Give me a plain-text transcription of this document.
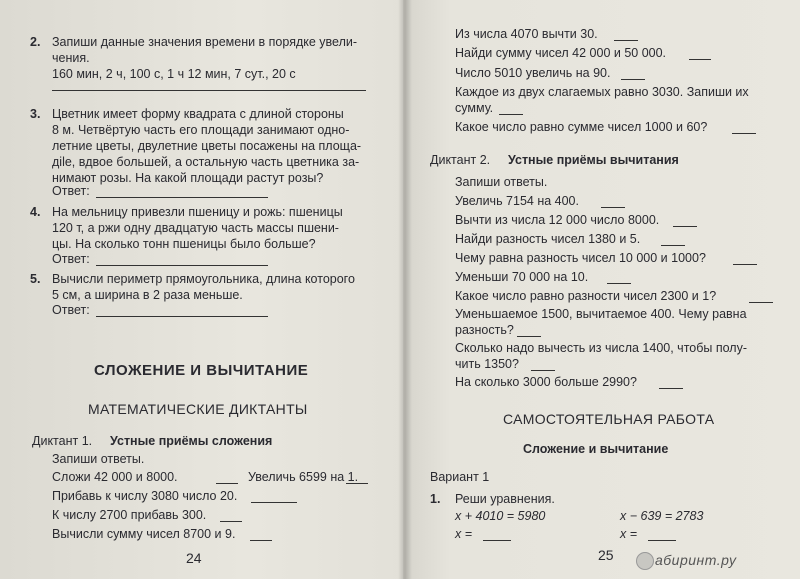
2. Запиши данные значения времени в порядке увели-
чения.
160 мин, 2 ч, 100 с, 1 ч 12 мин, 7 сут., 20 с
3. Цветник имеет форму квадрата с длиной стороны
8 м. Четвёртую часть его площади занимают одно-
летние цветы, двулетние цветы посажены на площа-
дile, вдвое большей, а остальную часть цветника за-
нимают розы. На какой площади растут розы?
Ответ:
4. На мельницу привезли пшеницу и рожь: пшеницы
120 т, а ржи одну двадцатую часть массы пшени-
цы. На сколько тонн пшеницы было больше?
Ответ:
5. Вычисли периметр прямоугольника, длина которого
5 см, а ширина в 2 раза меньше.
Ответ:
СЛОЖЕНИЕ И ВЫЧИТАНИЕ
МАТЕМАТИЧЕСКИЕ ДИКТАНТЫ
Диктант 1. Устные приёмы сложения
Запиши ответы.
Сложи 42 000 и 8000.	Увеличь 6599 на 1.
Прибавь к числу 3080 число 20.
К числу 2700 прибавь 300.
Вычисли сумму чисел 8700 и 9.
24
Из числа 4070 вычти 30.
Найди сумму чисел 42 000 и 50 000.
Число 5010 увеличь на 90.
Каждое из двух слагаемых равно 3030. Запиши их
сумму.
Какое число равно сумме чисел 1000 и 60?
Диктант 2. Устные приёмы вычитания
Запиши ответы.
Увеличь 7154 на 400.
Вычти из числа 12 000 число 8000.
Найди разность чисел 1380 и 5.
Чему равна разность чисел 10 000 и 1000?
Уменьши 70 000 на 10.
Какое число равно разности чисел 2300 и 1?
Уменьшаемое 1500, вычитаемое 400. Чему равна
разность?
Сколько надо вычесть из числа 1400, чтобы полу-
чить 1350?
На сколько 3000 больше 2990?
САМОСТОЯТЕЛЬНАЯ РАБОТА
Сложение и вычитание
Вариант 1
1. Реши уравнения.
x + 4010 = 5980	x − 639 = 2783
x =	x =
25	абиринт.ру
